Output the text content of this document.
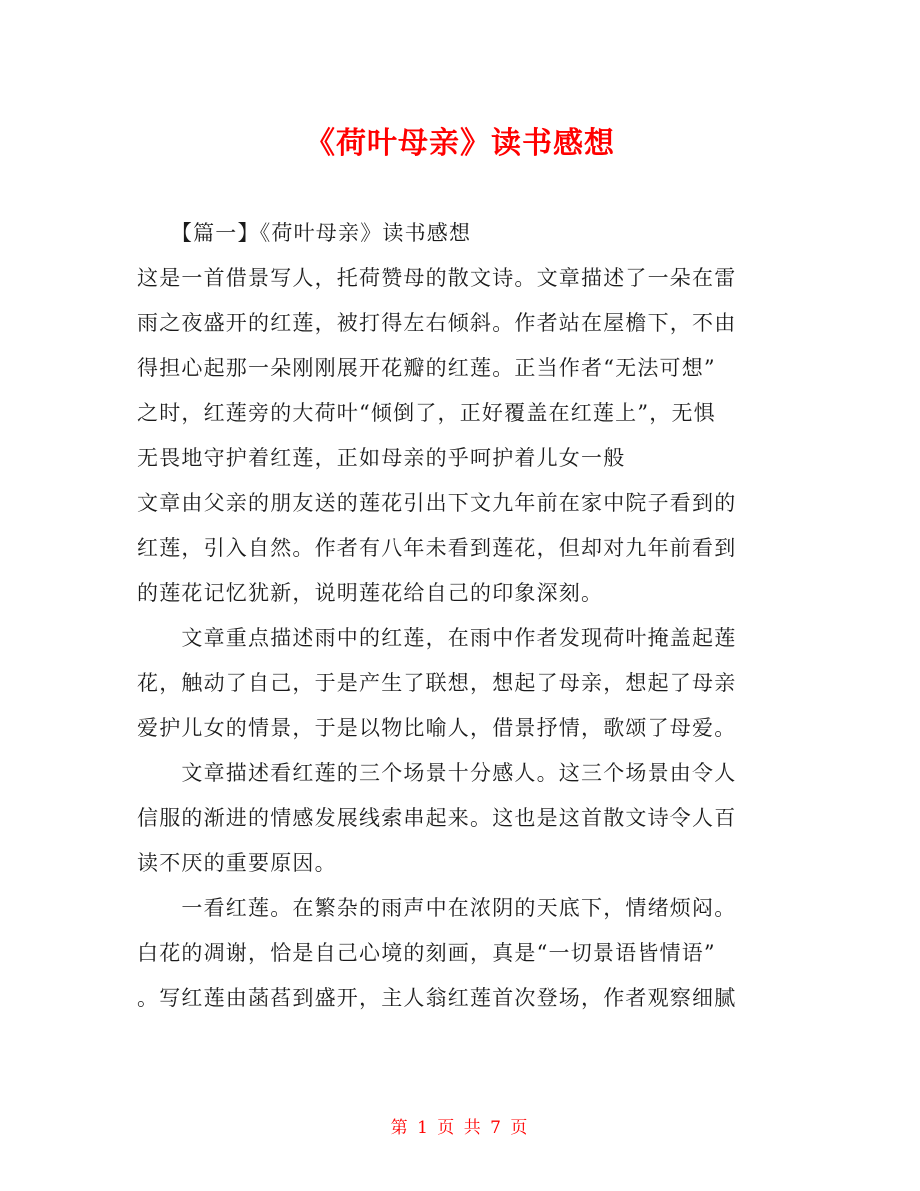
《荷叶母亲》读书感想
　　【篇一】《荷叶母亲》读书感想
这是一首借景写人，托荷赞母的散文诗。文章描述了一朵在雷
雨之夜盛开的红莲，被打得左右倾斜。作者站在屋檐下，不由
得担心起那一朵刚刚展开花瓣的红莲。正当作者“无法可想”
之时，红莲旁的大荷叶“倾倒了，正好覆盖在红莲上”，无惧
无畏地守护着红莲，正如母亲的乎呵护着儿女一般
文章由父亲的朋友送的莲花引出下文九年前在家中院子看到的
红莲，引入自然。作者有八年未看到莲花，但却对九年前看到
的莲花记忆犹新，说明莲花给自己的印象深刻。
　　文章重点描述雨中的红莲，在雨中作者发现荷叶掩盖起莲
花，触动了自己，于是产生了联想，想起了母亲，想起了母亲
爱护儿女的情景，于是以物比喻人，借景抒情，歌颂了母爱。
　　文章描述看红莲的三个场景十分感人。这三个场景由令人
信服的渐进的情感发展线索串起来。这也是这首散文诗令人百
读不厌的重要原因。
　　一看红莲。在繁杂的雨声中在浓阴的天底下，情绪烦闷。
白花的凋谢，恰是自己心境的刻画，真是“一切景语皆情语”
。写红莲由菡萏到盛开，主人翁红莲首次登场，作者观察细腻
第 1 页 共 7 页
